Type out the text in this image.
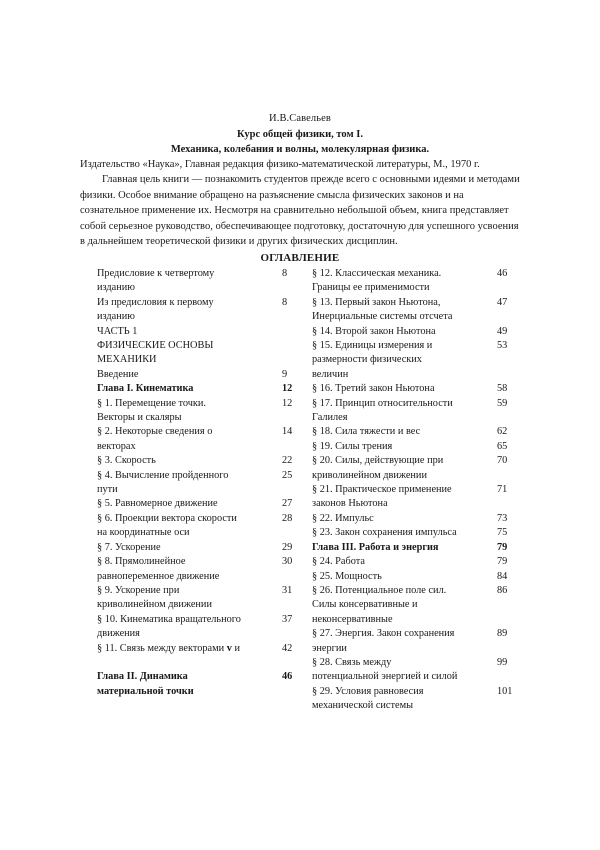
И.В.Савельев
Курс общей физики, том I.
Механика, колебания и волны, молекулярная физика.
Издательство «Наука», Главная редакция физико-математической литературы, М., 1970 г.
Главная цель книги — познакомить студентов прежде всего с основными идеями и методами физики. Особое внимание обращено на разъяснение смысла физических законов и на сознательное применение их. Несмотря на сравнительно небольшой объем, книга представляет собой серьезное руководство, обеспечивающее подготовку, достаточную для успешного усвоения в дальнейшем теоретической физики и других физических дисциплин.
ОГЛАВЛЕНИЕ
Предисловие к четвертому	8
изданию
Из предисловия к первому	8
изданию
ЧАСТЬ 1
ФИЗИЧЕСКИЕ ОСНОВЫ
МЕХАНИКИ
Введение	9
Глава I. Кинематика	12
§ 1. Перемещение точки.	12
Векторы и скаляры
§ 2. Некоторые сведения о	14
векторах
§ 3. Скорость	22
§ 4. Вычисление пройденного	25
пути
§ 5. Равномерное движение	27
§ 6. Проекции вектора скорости	28
на координатные оси
§ 7. Ускорение	29
§ 8. Прямолинейное	30
равнопеременное движение
§ 9. Ускорение при	31
криволинейном движении
§ 10. Кинематика вращательного	37
движения
§ 11. Связь между векторами v и	42
Глава II. Динамика	46
материальной точки
§ 12. Классическая механика.	46
Границы ее применимости
§ 13. Первый закон Ньютона,	47
Инерциальные системы отсчета
§ 14. Второй закон Ньютона	49
§ 15. Единицы измерения и	53
размерности физических
величин
§ 16. Третий закон Ньютона	58
§ 17. Принцип относительности	59
Галилея
§ 18. Сила тяжести и вес	62
§ 19. Силы трения	65
§ 20. Силы, действующие при	70
криволинейном движении
§ 21. Практическое применение	71
законов Ньютона
§ 22. Импульс	73
§ 23. Закон сохранения импульса	75
Глава III. Работа и энергия	79
§ 24. Работа	79
§ 25. Мощность	84
§ 26. Потенциальное поле сил.	86
Силы консервативные и
неконсервативные
§ 27. Энергия. Закон сохранения	89
энергии
§ 28. Связь между	99
потенциальной энергией и силой
§ 29. Условия равновесия	101
механической системы
